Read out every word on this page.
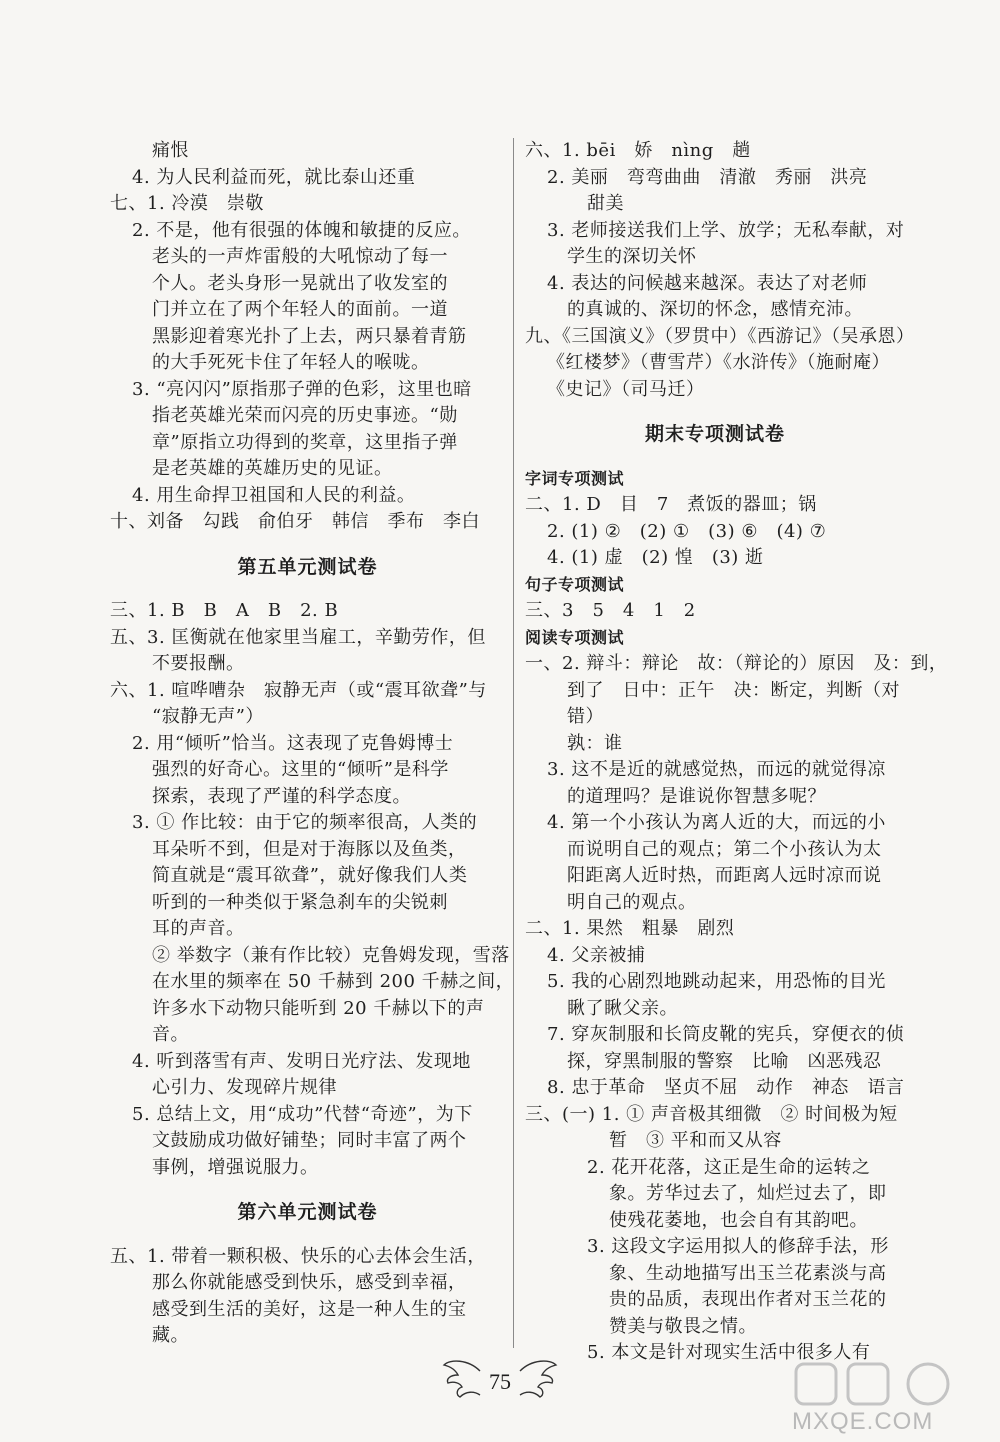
痛恨
4. 为人民利益而死，就比泰山还重
七、1. 冷漠　崇敬
2. 不是，他有很强的体魄和敏捷的反应。
老头的一声炸雷般的大吼惊动了每一
个人。老头身形一晃就出了收发室的
门并立在了两个年轻人的面前。一道
黑影迎着寒光扑了上去，两只暴着青筋
的大手死死卡住了年轻人的喉咙。
3. “亮闪闪”原指那子弹的色彩，这里也暗
指老英雄光荣而闪亮的历史事迹。“勋
章”原指立功得到的奖章，这里指子弹
是老英雄的英雄历史的见证。
4. 用生命捍卫祖国和人民的利益。
十、刘备　勾践　俞伯牙　韩信　季布　李白
第五单元测试卷
三、1. B　B　A　B　2. B
五、3. 匡衡就在他家里当雇工，辛勤劳作，但
不要报酬。
六、1. 喧哗嘈杂　寂静无声（或“震耳欲聋”与
“寂静无声”）
2. 用“倾听”恰当。这表现了克鲁姆博士
强烈的好奇心。这里的“倾听”是科学
探索，表现了严谨的科学态度。
3. ① 作比较：由于它的频率很高，人类的
耳朵听不到，但是对于海豚以及鱼类，
简直就是“震耳欲聋”，就好像我们人类
听到的一种类似于紧急刹车的尖锐刺
耳的声音。
② 举数字（兼有作比较）克鲁姆发现，雪落
在水里的频率在 50 千赫到 200 千赫之间，
许多水下动物只能听到 20 千赫以下的声
音。
4. 听到落雪有声、发明日光疗法、发现地
心引力、发现碎片规律
5. 总结上文，用“成功”代替“奇迹”，为下
文鼓励成功做好铺垫；同时丰富了两个
事例，增强说服力。
第六单元测试卷
五、1. 带着一颗积极、快乐的心去体会生活，
那么你就能感受到快乐，感受到幸福，
感受到生活的美好，这是一种人生的宝
藏。
六、1. bēi　娇　nìng　趟
2. 美丽　弯弯曲曲　清澈　秀丽　洪亮
甜美
3. 老师接送我们上学、放学；无私奉献，对
学生的深切关怀
4. 表达的问候越来越深。表达了对老师
的真诚的、深切的怀念，感情充沛。
九、《三国演义》（罗贯中）《西游记》（吴承恩）
《红楼梦》（曹雪芹）《水浒传》（施耐庵）
《史记》（司马迁）
期末专项测试卷
字词专项测试
二、1. D　目　7　煮饭的器皿；锅
2. (1) ②　(2) ①　(3) ⑥　(4) ⑦
4. (1) 虚　(2) 惶　(3) 逝
句子专项测试
三、3　5　4　1　2
阅读专项测试
一、2. 辩斗：辩论　故：（辩论的）原因　及：到，
到了　日中：正午　决：断定，判断（对
错）
孰：谁
3. 这不是近的就感觉热，而远的就觉得凉
的道理吗？是谁说你智慧多呢？
4. 第一个小孩认为离人近的大，而远的小
而说明自己的观点；第二个小孩认为太
阳距离人近时热，而距离人远时凉而说
明自己的观点。
二、1. 果然　粗暴　剧烈
4. 父亲被捕
5. 我的心剧烈地跳动起来，用恐怖的目光
瞅了瞅父亲。
7. 穿灰制服和长筒皮靴的宪兵，穿便衣的侦
探，穿黑制服的警察　比喻　凶恶残忍
8. 忠于革命　坚贞不屈　动作　神态　语言
三、(一) 1. ① 声音极其细微　② 时间极为短
暂　③ 平和而又从容
2. 花开花落，这正是生命的运转之
象。芳华过去了，灿烂过去了，即
使残花萎地，也会自有其韵吧。
3. 这段文字运用拟人的修辞手法，形
象、生动地描写出玉兰花素淡与高
贵的品质，表现出作者对玉兰花的
赞美与敬畏之情。
5. 本文是针对现实生活中很多人有
75
MXQE.COM
